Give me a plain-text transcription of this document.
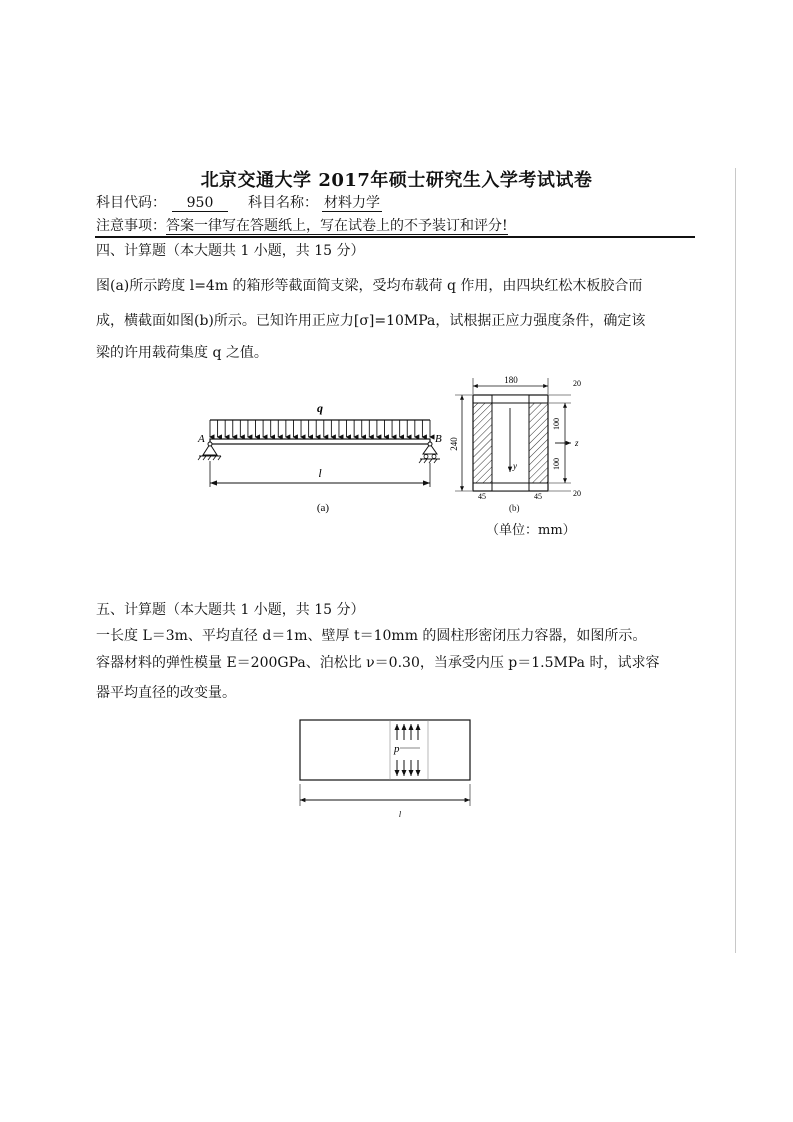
北京交通大学 2017年硕士研究生入学考试试卷
科目代码： 950 科目名称： 材料力学
注意事项：答案一律写在答题纸上，写在试卷上的不予装订和评分!
四、计算题（本大题共 1 小题，共 15 分）

图(a)所示跨度 l=4m 的箱形等截面简支梁，受均布载荷 q 作用，由四块红松木板胶合而

成，横截面如图(b)所示。已知许用正应力[σ]=10MPa，试根据正应力强度条件，确定该

梁的许用载荷集度 q 之值。

q
A	B
l
(a)
y
z
180
240
20
100
100
20
45	45
(b)
（单位：mm）
五、计算题（本大题共 1 小题，共 15 分）

一长度 L＝3m、平均直径 d＝1m、壁厚 t＝10mm 的圆柱形密闭压力容器，如图所示。

容器材料的弹性模量 E＝200GPa、泊松比 ν＝0.30，当承受内压 p＝1.5MPa 时，试求容

器平均直径的改变量。

p
l
